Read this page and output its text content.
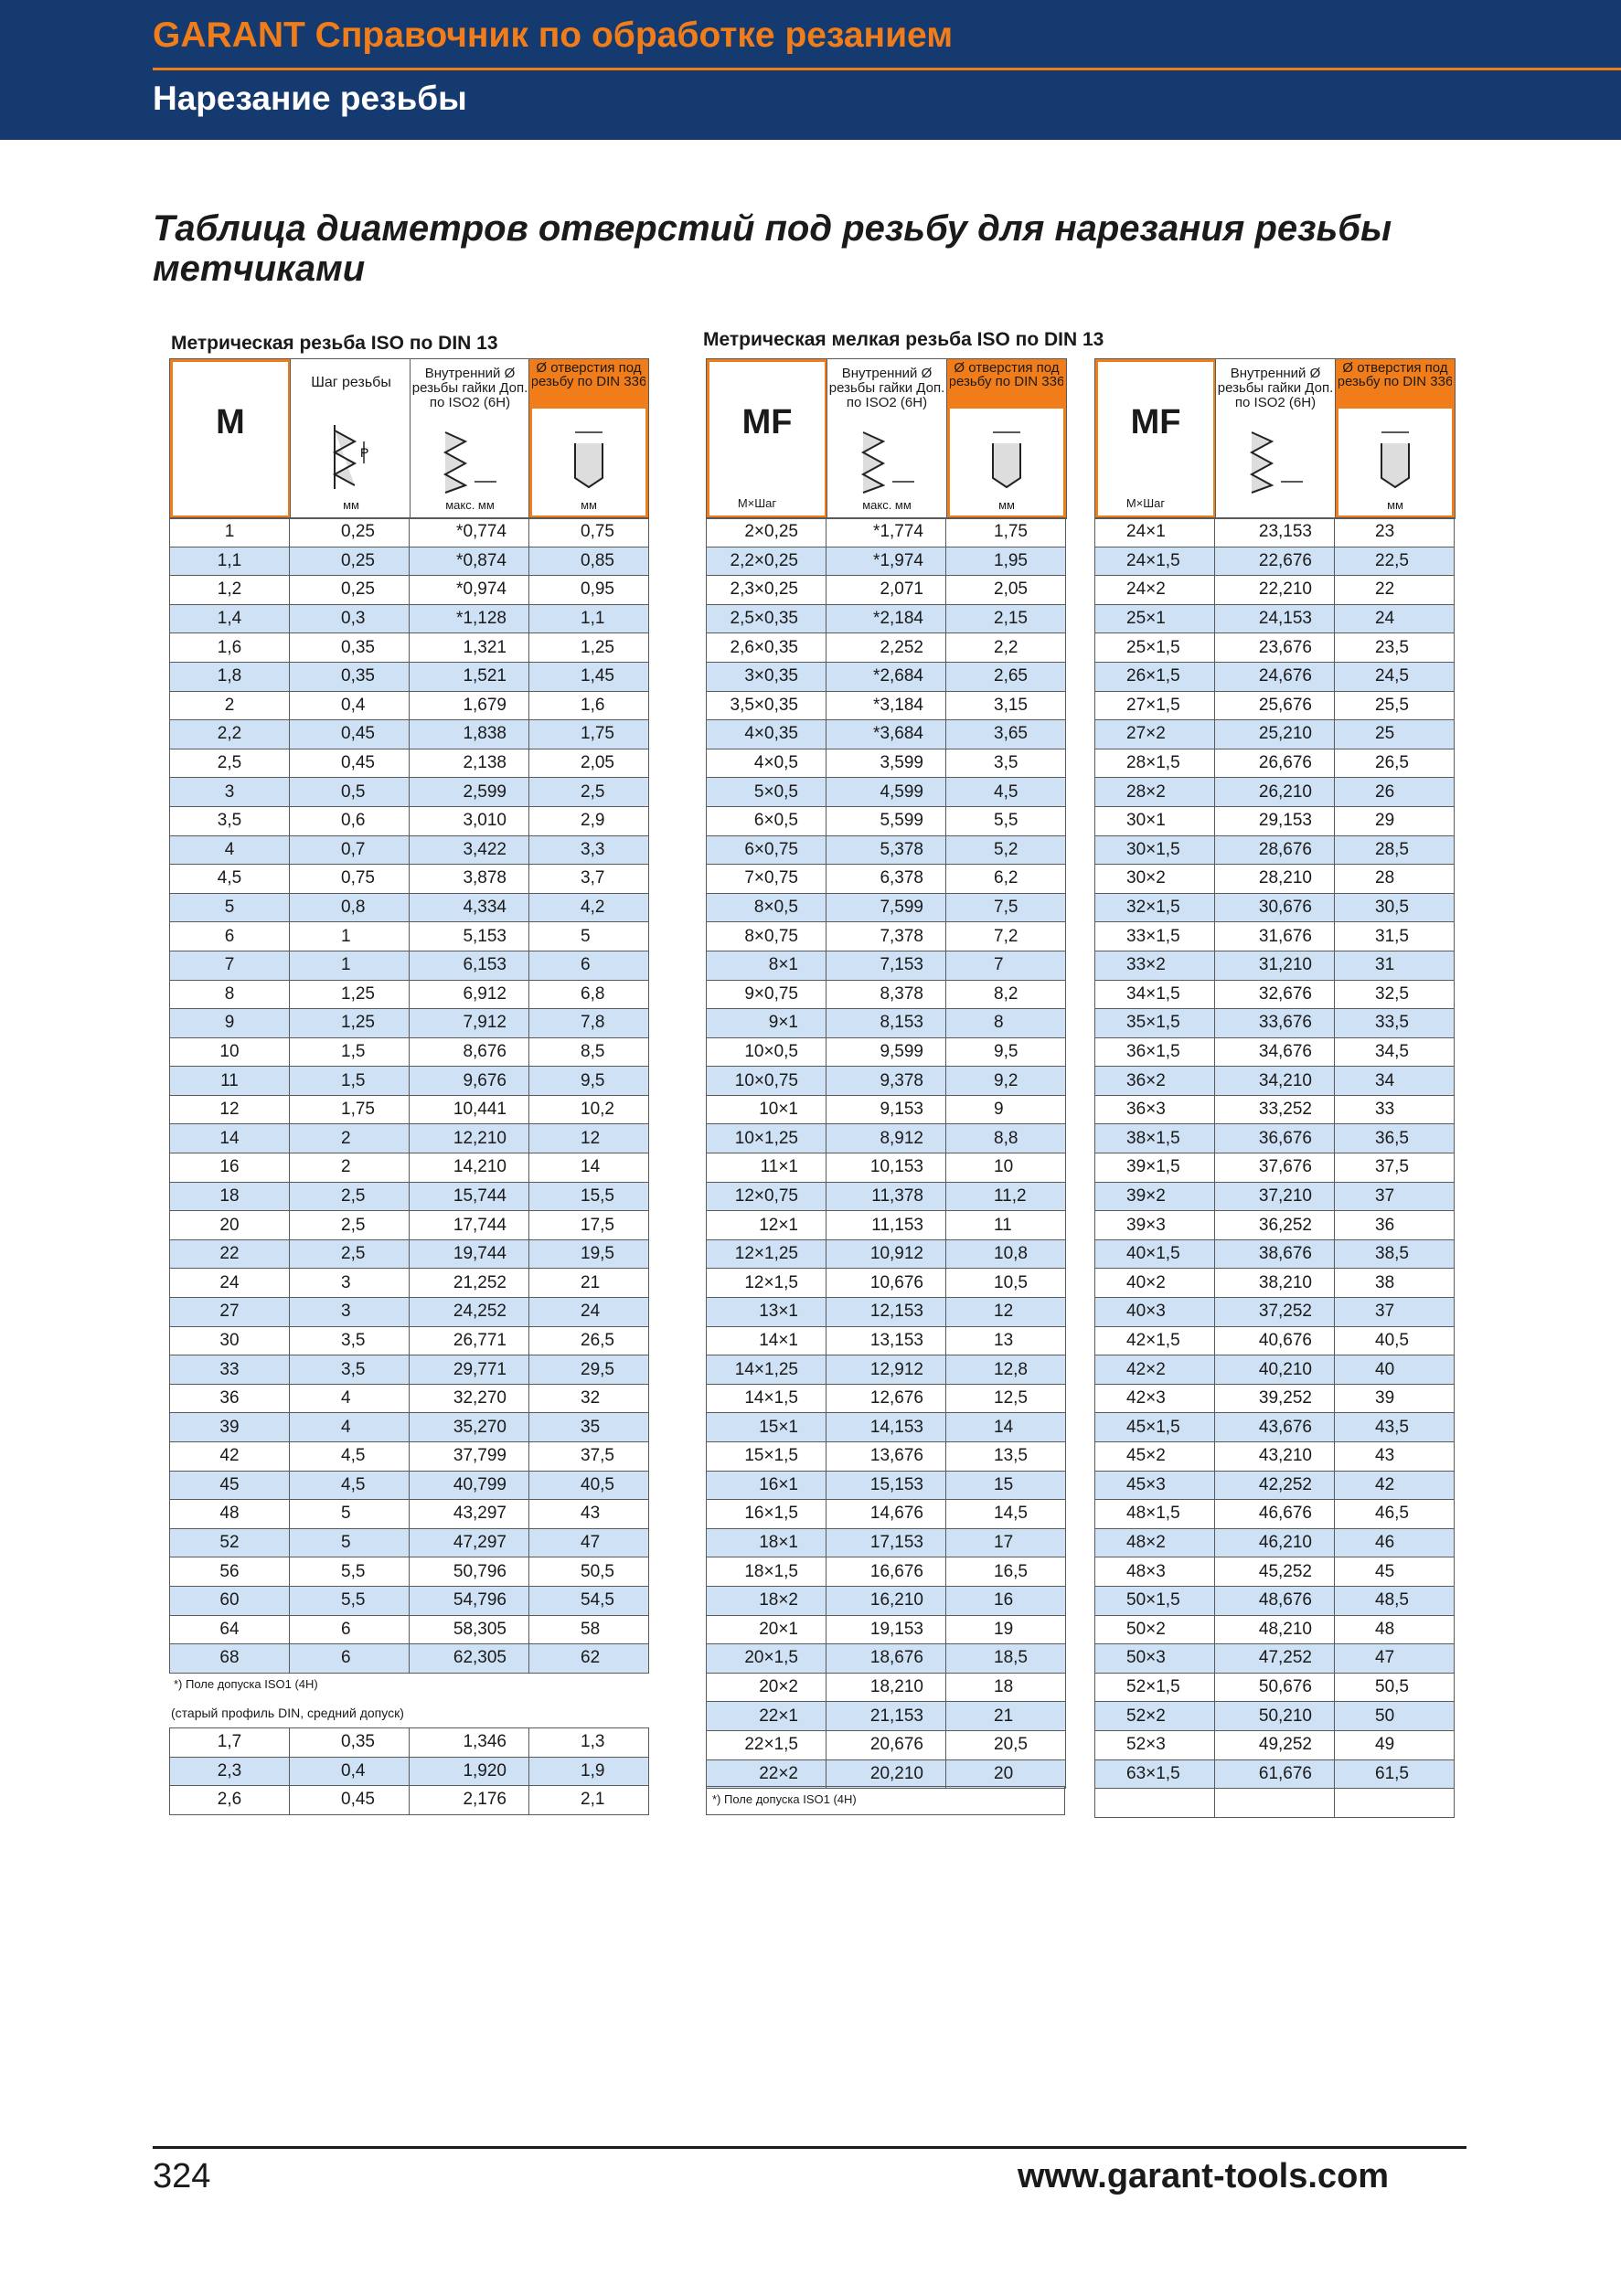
GARANT Справочник по обработке резанием
Нарезание резьбы
Таблица диаметров отверстий под резьбу для нарезания резьбы метчиками
Метрическая резьба ISO по DIN 13
M
Шаг резьбы
P
мм
Внутренний Ø резьбы гайки Доп. по ISO2 (6H)
макс. мм
Ø отверстия под резьбу по DIN 336
мм
1	0,25	*0,774	0,75
1,1	0,25	*0,874	0,85
1,2	0,25	*0,974	0,95
1,4	0,3	*1,128	1,1
1,6	0,35	1,321	1,25
1,8	0,35	1,521	1,45
2	0,4	1,679	1,6
2,2	0,45	1,838	1,75
2,5	0,45	2,138	2,05
3	0,5	2,599	2,5
3,5	0,6	3,010	2,9
4	0,7	3,422	3,3
4,5	0,75	3,878	3,7
5	0,8	4,334	4,2
6	1	5,153	5
7	1	6,153	6
8	1,25	6,912	6,8
9	1,25	7,912	7,8
10	1,5	8,676	8,5
11	1,5	9,676	9,5
12	1,75	10,441	10,2
14	2	12,210	12
16	2	14,210	14
18	2,5	15,744	15,5
20	2,5	17,744	17,5
22	2,5	19,744	19,5
24	3	21,252	21
27	3	24,252	24
30	3,5	26,771	26,5
33	3,5	29,771	29,5
36	4	32,270	32
39	4	35,270	35
42	4,5	37,799	37,5
45	4,5	40,799	40,5
48	5	43,297	43
52	5	47,297	47
56	5,5	50,796	50,5
60	5,5	54,796	54,5
64	6	58,305	58
68	6	62,305	62
*) Поле допуска ISO1 (4H)
(старый профиль DIN, средний допуск)
1,7	0,35	1,346	1,3
2,3	0,4	1,920	1,9
2,6	0,45	2,176	2,1
Метрическая мелкая резьба ISO по DIN 13
MF
M×Шаг
Внутренний Ø резьбы гайки Доп. по ISO2 (6H)
макс. мм
Ø отверстия под резьбу по DIN 336
мм
2×0,25	*1,774	1,75
2,2×0,25	*1,974	1,95
2,3×0,25	2,071	2,05
2,5×0,35	*2,184	2,15
2,6×0,35	2,252	2,2
3×0,35	*2,684	2,65
3,5×0,35	*3,184	3,15
4×0,35	*3,684	3,65
4×0,5	3,599	3,5
5×0,5	4,599	4,5
6×0,5	5,599	5,5
6×0,75	5,378	5,2
7×0,75	6,378	6,2
8×0,5	7,599	7,5
8×0,75	7,378	7,2
8×1	7,153	7
9×0,75	8,378	8,2
9×1	8,153	8
10×0,5	9,599	9,5
10×0,75	9,378	9,2
10×1	9,153	9
10×1,25	8,912	8,8
11×1	10,153	10
12×0,75	11,378	11,2
12×1	11,153	11
12×1,25	10,912	10,8
12×1,5	10,676	10,5
13×1	12,153	12
14×1	13,153	13
14×1,25	12,912	12,8
14×1,5	12,676	12,5
15×1	14,153	14
15×1,5	13,676	13,5
16×1	15,153	15
16×1,5	14,676	14,5
18×1	17,153	17
18×1,5	16,676	16,5
18×2	16,210	16
20×1	19,153	19
20×1,5	18,676	18,5
20×2	18,210	18
22×1	21,153	21
22×1,5	20,676	20,5
22×2	20,210	20
*) Поле допуска ISO1 (4H)
MF
M×Шаг
Внутренний Ø резьбы гайки Доп. по ISO2 (6H)
Ø отверстия под резьбу по DIN 336
мм
24×1	23,153	23
24×1,5	22,676	22,5
24×2	22,210	22
25×1	24,153	24
25×1,5	23,676	23,5
26×1,5	24,676	24,5
27×1,5	25,676	25,5
27×2	25,210	25
28×1,5	26,676	26,5
28×2	26,210	26
30×1	29,153	29
30×1,5	28,676	28,5
30×2	28,210	28
32×1,5	30,676	30,5
33×1,5	31,676	31,5
33×2	31,210	31
34×1,5	32,676	32,5
35×1,5	33,676	33,5
36×1,5	34,676	34,5
36×2	34,210	34
36×3	33,252	33
38×1,5	36,676	36,5
39×1,5	37,676	37,5
39×2	37,210	37
39×3	36,252	36
40×1,5	38,676	38,5
40×2	38,210	38
40×3	37,252	37
42×1,5	40,676	40,5
42×2	40,210	40
42×3	39,252	39
45×1,5	43,676	43,5
45×2	43,210	43
45×3	42,252	42
48×1,5	46,676	46,5
48×2	46,210	46
48×3	45,252	45
50×1,5	48,676	48,5
50×2	48,210	48
50×3	47,252	47
52×1,5	50,676	50,5
52×2	50,210	50
52×3	49,252	49
63×1,5	61,676	61,5

324	www.garant-tools.com
